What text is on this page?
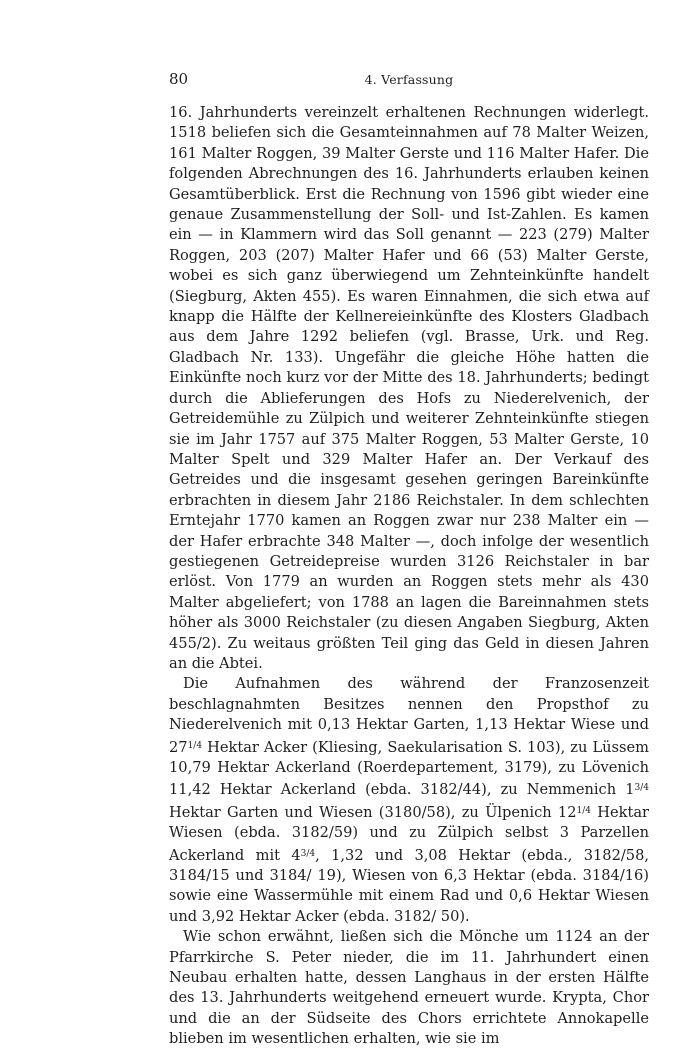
80	4. Verfassung

16. Jahrhunderts vereinzelt erhaltenen Rechnungen widerlegt. 1518 beliefen sich die Gesamteinnahmen auf 78 Malter Weizen, 161 Malter Roggen, 39 Malter Gerste und 116 Malter Hafer. Die folgenden Abrechnungen des 16. Jahrhunderts erlauben keinen Gesamtüberblick. Erst die Rechnung von 1596 gibt wieder eine genaue Zusammenstellung der Soll- und Ist-Zahlen. Es kamen ein — in Klammern wird das Soll genannt — 223 (279) Malter Roggen, 203 (207) Malter Hafer und 66 (53) Malter Gerste, wobei es sich ganz überwiegend um Zehnteinkünfte handelt (Siegburg, Akten 455). Es waren Einnahmen, die sich etwa auf knapp die Hälfte der Kellnereieinkünfte des Klosters Gladbach aus dem Jahre 1292 beliefen (vgl. Brasse, Urk. und Reg. Gladbach Nr. 133). Ungefähr die gleiche Höhe hatten die Einkünfte noch kurz vor der Mitte des 18. Jahrhunderts; bedingt durch die Ablieferungen des Hofs zu Niederelvenich, der Getreidemühle zu Zülpich und weiterer Zehnteinkünfte stiegen sie im Jahr 1757 auf 375 Malter Roggen, 53 Malter Gerste, 10 Malter Spelt und 329 Malter Hafer an. Der Verkauf des Getreides und die insgesamt gesehen geringen Bareinkünfte erbrachten in diesem Jahr 2186 Reichstaler. In dem schlechten Erntejahr 1770 kamen an Roggen zwar nur 238 Malter ein — der Hafer erbrachte 348 Malter —, doch infolge der wesentlich gestiegenen Getreidepreise wurden 3126 Reichstaler in bar erlöst. Von 1779 an wurden an Roggen stets mehr als 430 Malter abgeliefert; von 1788 an lagen die Bareinnahmen stets höher als 3000 Reichstaler (zu diesen Angaben Siegburg, Akten 455/2). Zu weitaus größten Teil ging das Geld in diesen Jahren an die Abtei.

Die Aufnahmen des während der Franzosenzeit beschlagnahmten Besitzes nennen den Propsthof zu Niederelvenich mit 0,13 Hektar Garten, 1,13 Hektar Wiese und $27^{1/4}$ Hektar Acker (Kliesing, Saekularisation S. 103), zu Lüssem 10,79 Hektar Ackerland (Roerdepartement, 3179), zu Lövenich 11,42 Hektar Ackerland (ebda. 3182/44), zu Nemmenich $1^{3/4}$ Hektar Garten und Wiesen (3180/58), zu Ülpenich $12^{1/4}$ Hektar Wiesen (ebda. 3182/59) und zu Zülpich selbst 3 Parzellen Ackerland mit $4^{3/4}$, 1,32 und 3,08 Hektar (ebda., 3182/58, 3184/15 und 3184/ 19), Wiesen von 6,3 Hektar (ebda. 3184/16) sowie eine Wassermühle mit einem Rad und 0,6 Hektar Wiesen und 3,92 Hektar Acker (ebda. 3182/ 50).

Wie schon erwähnt, ließen sich die Mönche um 1124 an der Pfarrkirche S. Peter nieder, die im 11. Jahrhundert einen Neubau erhalten hatte, dessen Langhaus in der ersten Hälfte des 13. Jahrhunderts weitgehend erneuert wurde. Krypta, Chor und die an der Südseite des Chors errichtete Annokapelle blieben im wesentlichen erhalten, wie sie im
